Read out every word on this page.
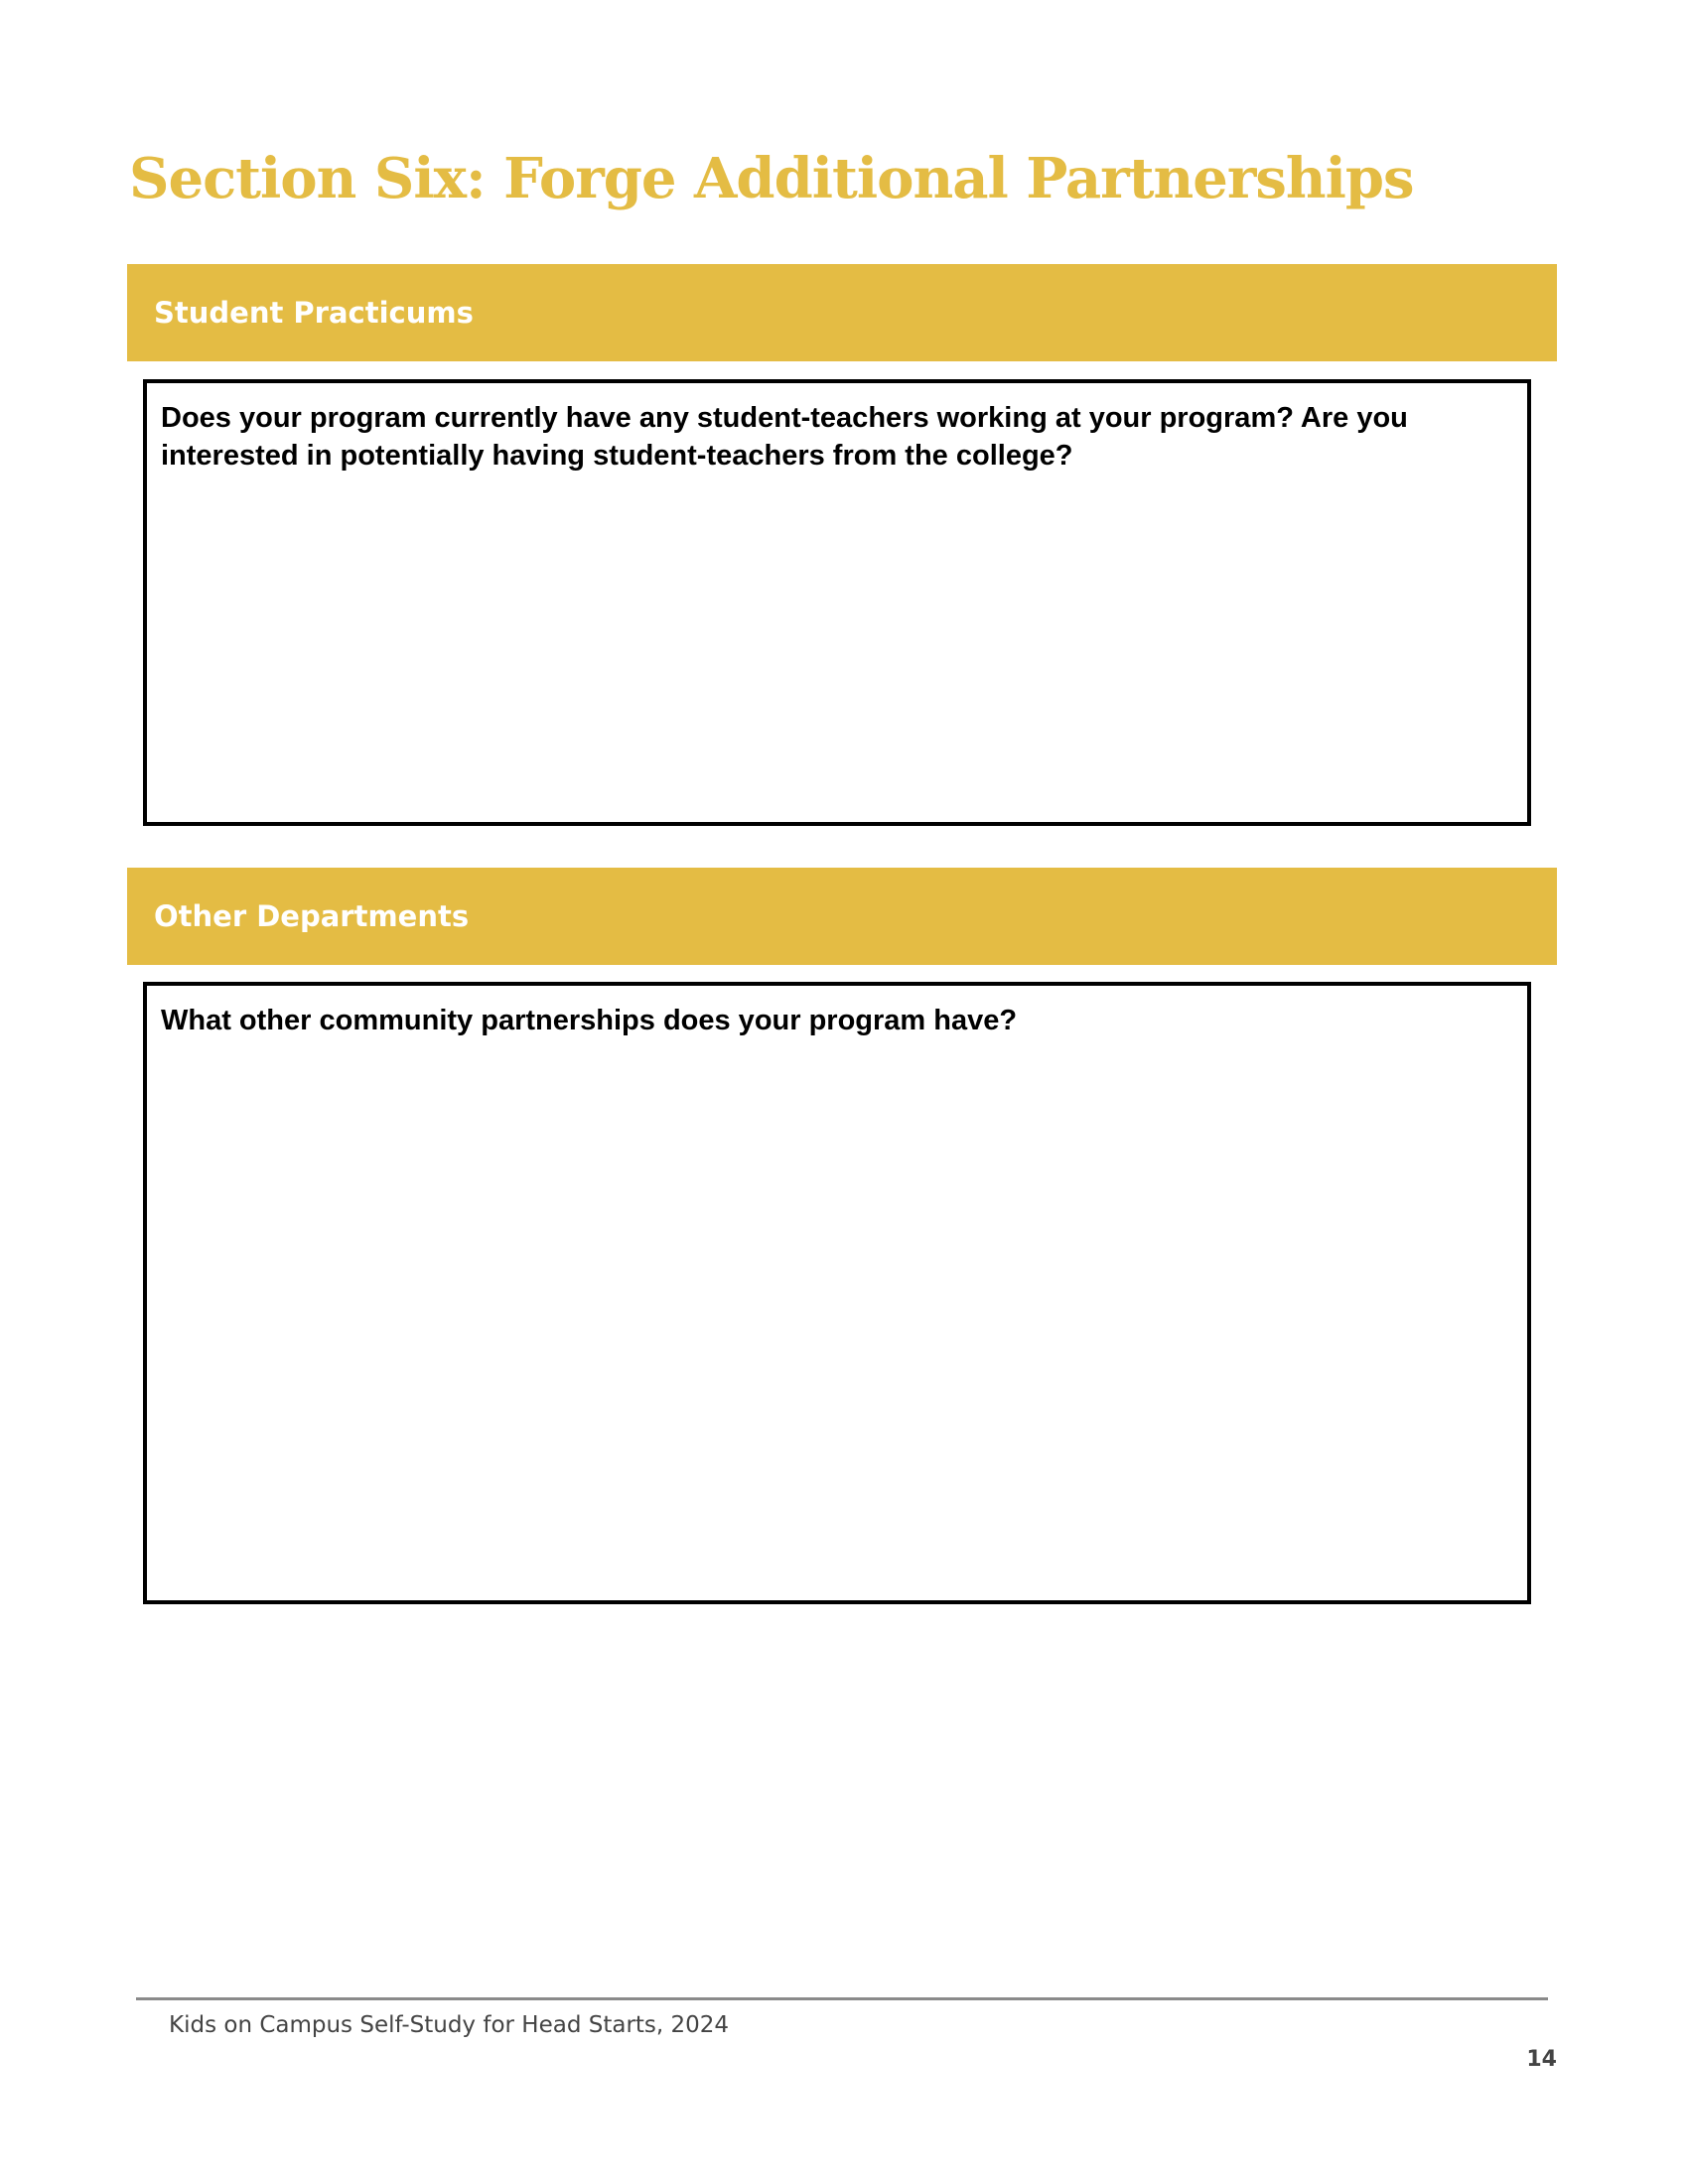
Section Six: Forge Additional Partnerships
Student Practicums
Does your program currently have any student-teachers working at your program? Are you interested in potentially having student-teachers from the college?
Other Departments
What other community partnerships does your program have?
Kids on Campus Self-Study for Head Starts, 2024
14
